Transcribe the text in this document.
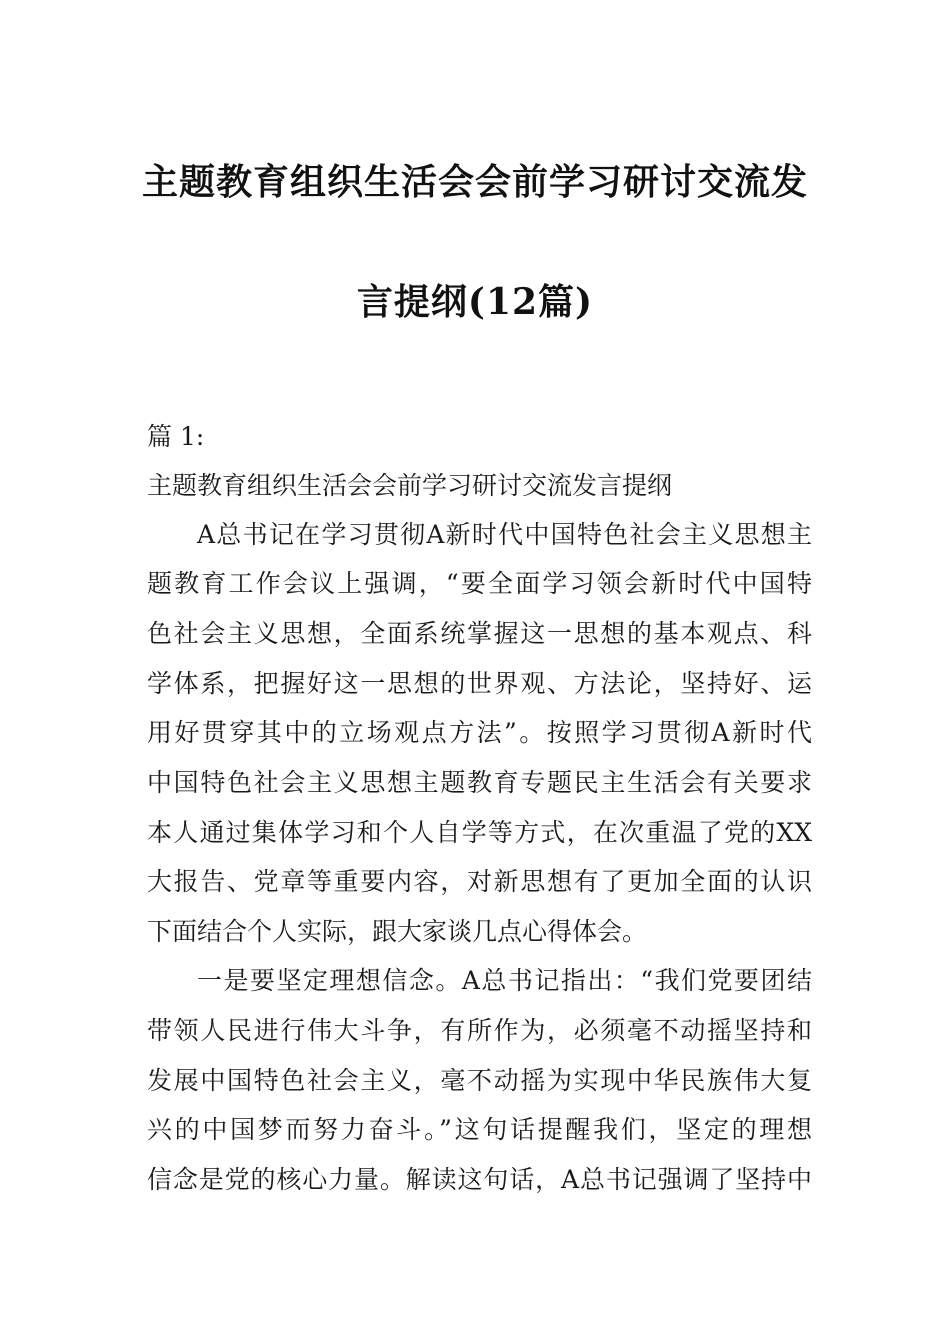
主题教育组织生活会会前学习研讨交流发
言提纲(12篇)
篇 1:
主题教育组织生活会会前学习研讨交流发言提纲
A总书记在学习贯彻A新时代中国特色社会主义思想主
题教育工作会议上强调，“要全面学习领会新时代中国特
色社会主义思想，全面系统掌握这一思想的基本观点、科
学体系，把握好这一思想的世界观、方法论，坚持好、运
用好贯穿其中的立场观点方法”。按照学习贯彻A新时代
中国特色社会主义思想主题教育专题民主生活会有关要求
本人通过集体学习和个人自学等方式，在次重温了党的XX
大报告、党章等重要内容，对新思想有了更加全面的认识
下面结合个人实际，跟大家谈几点心得体会。
一是要坚定理想信念。A总书记指出：“我们党要团结
带领人民进行伟大斗争，有所作为，必须毫不动摇坚持和
发展中国特色社会主义，毫不动摇为实现中华民族伟大复
兴的中国梦而努力奋斗。”这句话提醒我们，坚定的理想
信念是党的核心力量。解读这句话，A总书记强调了坚持中
